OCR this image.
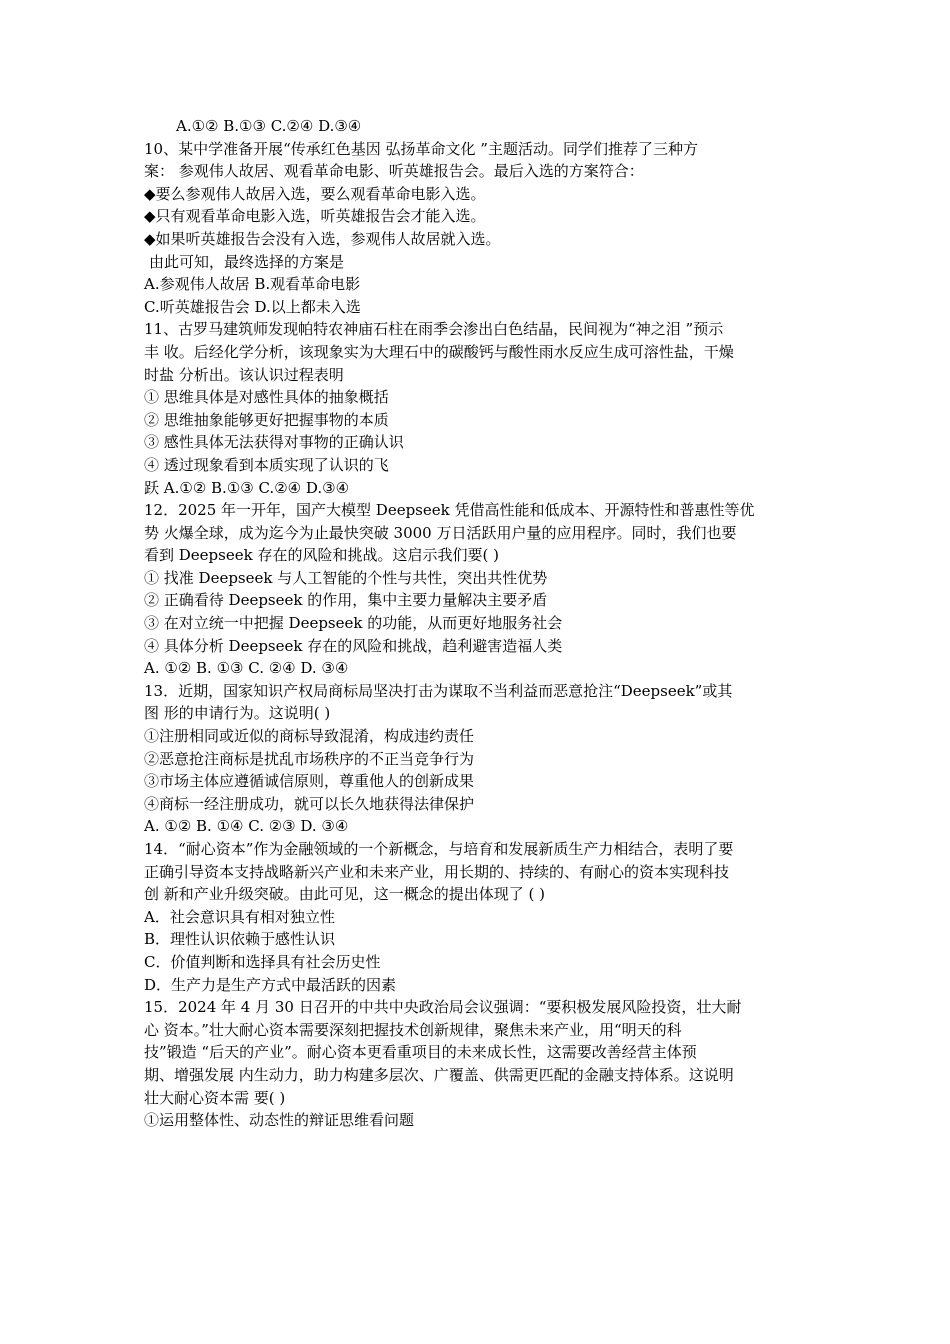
A.①② B.①③ C.②④ D.③④
10、某中学准备开展“传承红色基因 弘扬革命文化 ”主题活动。同学们推荐了三种方
案： 参观伟人故居、观看革命电影、听英雄报告会。最后入选的方案符合：
◆要么参观伟人故居入选，要么观看革命电影入选。
◆只有观看革命电影入选，听英雄报告会才能入选。
◆如果听英雄报告会没有入选，参观伟人故居就入选。
由此可知，最终选择的方案是
A.参观伟人故居 B.观看革命电影
C.听英雄报告会 D.以上都未入选
11、古罗马建筑师发现帕特农神庙石柱在雨季会渗出白色结晶，民间视为“神之泪 ”预示
丰 收。后经化学分析，该现象实为大理石中的碳酸钙与酸性雨水反应生成可溶性盐，干燥
时盐 分析出。该认识过程表明
① 思维具体是对感性具体的抽象概括
② 思维抽象能够更好把握事物的本质
③ 感性具体无法获得对事物的正确认识
④ 透过现象看到本质实现了认识的飞
跃 A.①② B.①③ C.②④ D.③④
12．2025 年一开年，国产大模型 Deepseek 凭借高性能和低成本、开源特性和普惠性等优
势 火爆全球，成为迄今为止最快突破 3000 万日活跃用户量的应用程序。同时，我们也要
看到 Deepseek 存在的风险和挑战。这启示我们要( )
① 找准 Deepseek 与人工智能的个性与共性，突出共性优势
② 正确看待 Deepseek 的作用，集中主要力量解决主要矛盾
③ 在对立统一中把握 Deepseek 的功能，从而更好地服务社会
④ 具体分析 Deepseek 存在的风险和挑战，趋利避害造福人类
A. ①② B. ①③ C. ②④ D. ③④
13．近期，国家知识产权局商标局坚决打击为谋取不当利益而恶意抢注“Deepseek”或其
图 形的申请行为。这说明( )
①注册相同或近似的商标导致混淆，构成违约责任
②恶意抢注商标是扰乱市场秩序的不正当竞争行为
③市场主体应遵循诚信原则，尊重他人的创新成果
④商标一经注册成功，就可以长久地获得法律保护
A. ①② B. ①④ C. ②③ D. ③④
14．“耐心资本”作为金融领域的一个新概念，与培育和发展新质生产力相结合，表明了要
正确引导资本支持战略新兴产业和未来产业，用长期的、持续的、有耐心的资本实现科技
创 新和产业升级突破。由此可见，这一概念的提出体现了 ( )
A．社会意识具有相对独立性
B．理性认识依赖于感性认识
C．价值判断和选择具有社会历史性
D．生产力是生产方式中最活跃的因素
15．2024 年 4 月 30 日召开的中共中央政治局会议强调：“要积极发展风险投资，壮大耐
心 资本。”壮大耐心资本需要深刻把握技术创新规律，聚焦未来产业，用“明天的科
技”锻造 “后天的产业”。耐心资本更看重项目的未来成长性，这需要改善经营主体预
期、增强发展 内生动力，助力构建多层次、广覆盖、供需更匹配的金融支持体系。这说明
壮大耐心资本需 要( )
①运用整体性、动态性的辩证思维看问题
